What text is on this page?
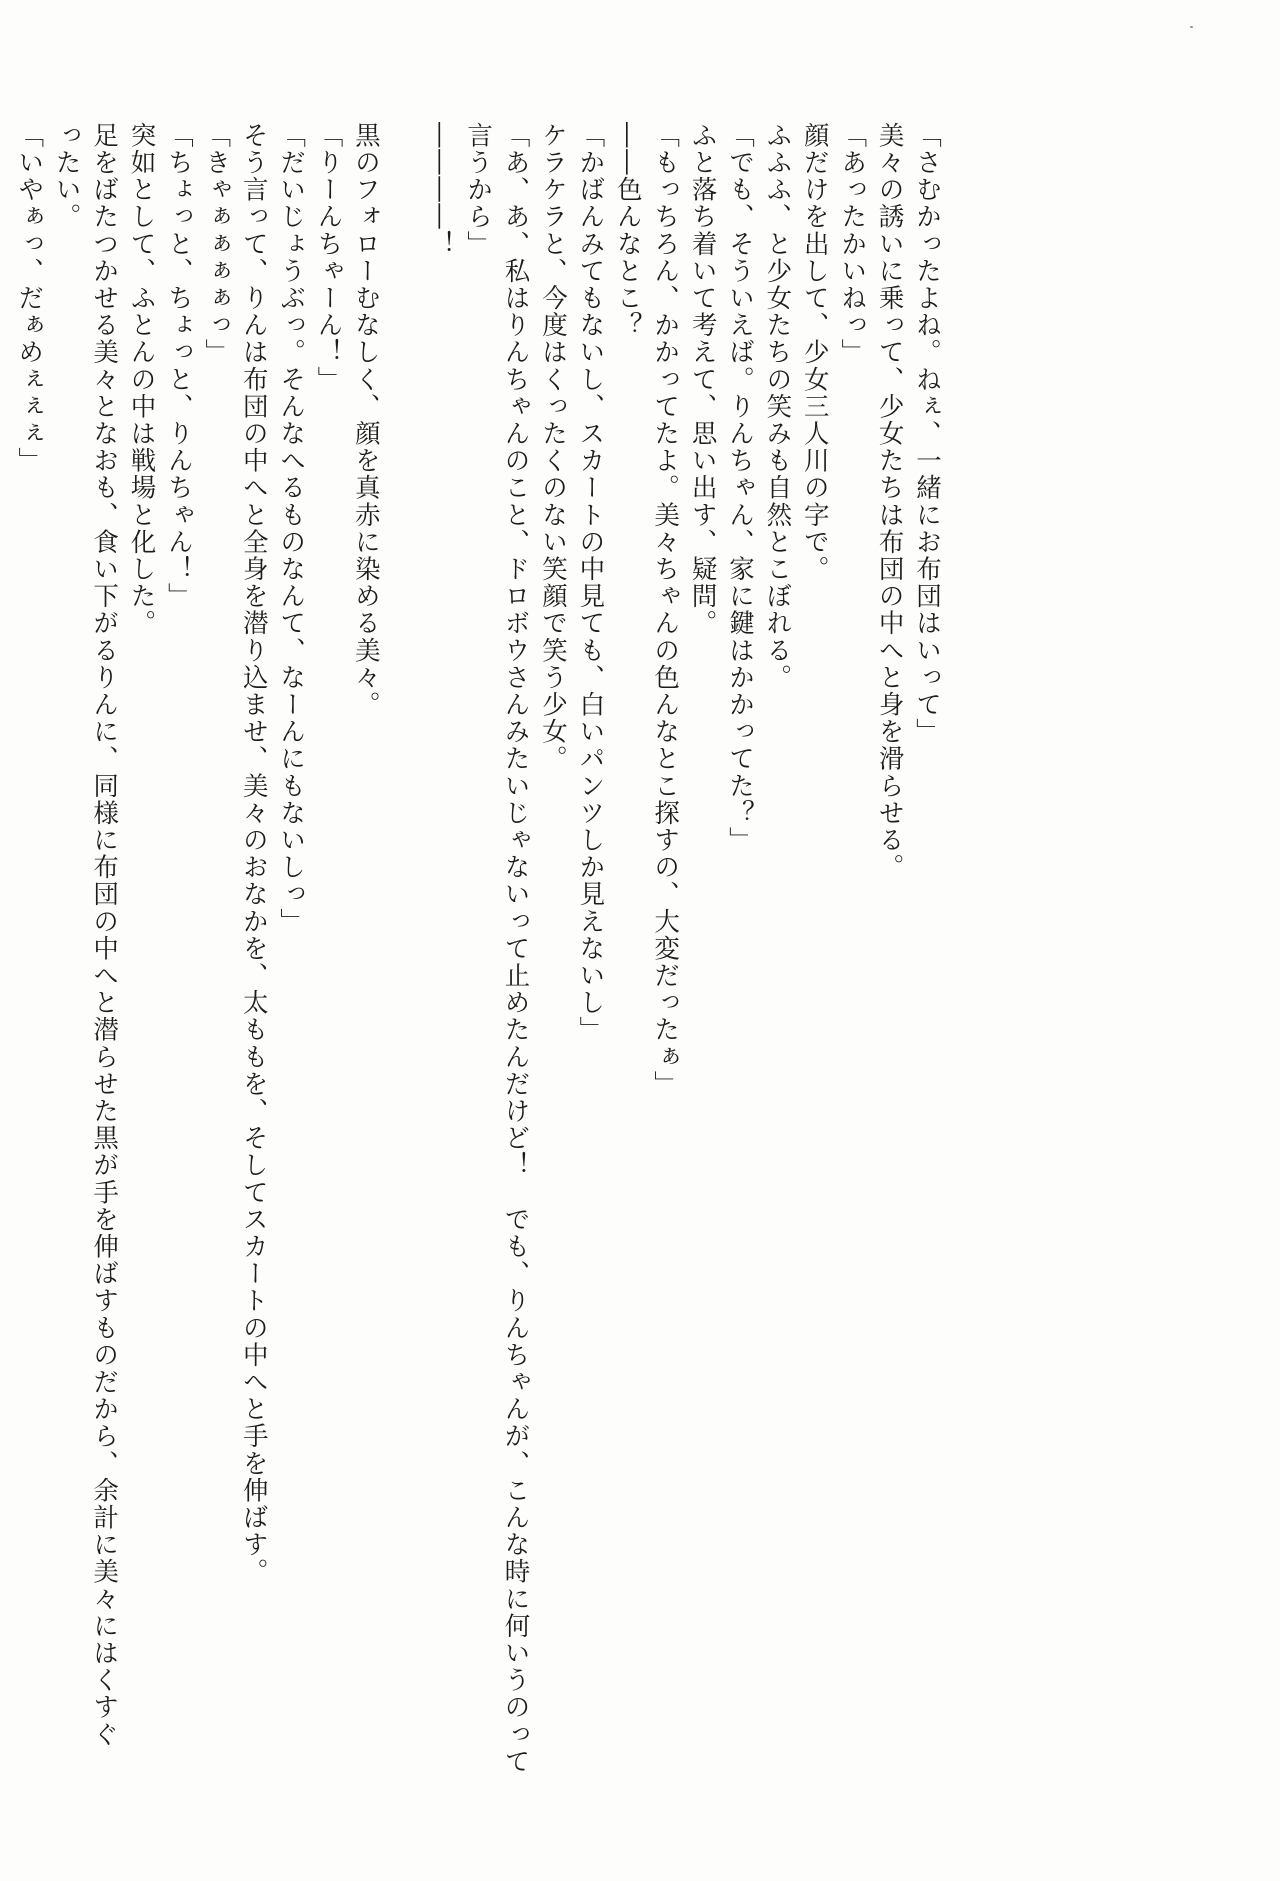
「さむかったよね。ねぇ、一緒にお布団はいって」
美々の誘いに乗って、少女たちは布団の中へと身を滑らせる。
「あったかいねっ」
顔だけを出して、少女三人川の字で。
ふふふ、と少女たちの笑みも自然とこぼれる。
「でも、そういえば。りんちゃん、家に鍵はかかってた？」
ふと落ち着いて考えて、思い出す、疑問。
「もっちろん、かかってたよ。美々ちゃんの色んなとこ探すの、大変だったぁ」
――色んなとこ？
「かばんみてもないし、スカートの中見ても、白いパンツしか見えないし」
ケラケラと、今度はくったくのない笑顔で笑う少女。
「あ、あ、私はりんちゃんのこと、ドロボウさんみたいじゃないって止めたんだけど！　でも、りんちゃんが、こんな時に何いうのって
言うから」
――――！
黒のフォローむなしく、顔を真赤に染める美々。
「りーんちゃーん！」
「だいじょうぶっ。そんなへるものなんて、なーんにもないしっ」
そう言って、りんは布団の中へと全身を潜り込ませ、美々のおなかを、太ももを、そしてスカートの中へと手を伸ばす。
「きゃぁぁぁぁっ」
「ちょっと、ちょっと、りんちゃん！」
突如として、ふとんの中は戦場と化した。
足をばたつかせる美々となおも、食い下がるりんに、同様に布団の中へと潜らせた黒が手を伸ばすものだから、余計に美々にはくすぐ
ったい。
「いやぁっ、だぁめぇぇぇ」
